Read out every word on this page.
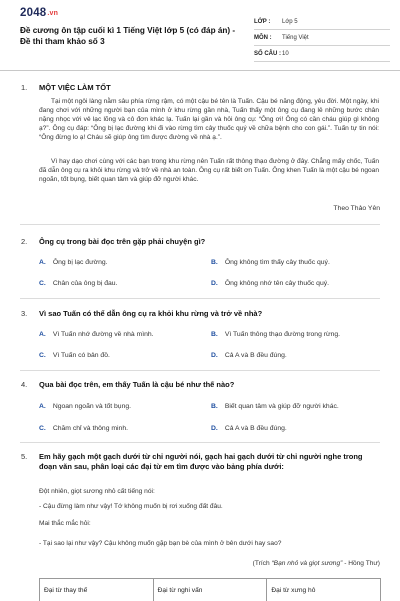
2048.vn
Đề cương ôn tập cuối kì 1 Tiếng Việt lớp 5 (có đáp án) - Đề thi tham khảo số 3
LỚP :	Lớp 5
MÔN :	Tiếng Việt
SỐ CÂU : 10
1. MỘT VIỆC LÀM TỐT
Tại một ngôi làng nằm sâu phía rừng rậm, có một cậu bé tên là Tuấn. Cậu bé năng động, yêu đời. Một ngày, khi đang chơi với những người bạn của mình ở khu rừng gần nhà, Tuấn thấy một ông cụ đang lê những bước chân nặng nhọc với vẻ lạc lõng và cô đơn khác lạ. Tuấn lại gần và hỏi ông cụ: “Ông ơi! Ông có cần cháu giúp gì không ạ?”. Ông cụ đáp: “Ông bị lạc đường khi đi vào rừng tìm cây thuốc quý về chữa bệnh cho con gái.”. Tuấn tự tin nói: “Ông đừng lo ạ! Cháu sẽ giúp ông tìm được đường về nhà ạ.”.
Vì hay dạo chơi cùng với các bạn trong khu rừng nên Tuấn rất thông thạo đường ở đây. Chẳng mấy chốc, Tuấn đã dẫn ông cụ ra khỏi khu rừng và trở về nhà an toàn. Ông cụ rất biết ơn Tuấn. Ông khen Tuấn là một cậu bé ngoan ngoãn, tốt bụng, biết quan tâm và giúp đỡ người khác.
Theo Thảo Yên
2. Ông cụ trong bài đọc trên gặp phải chuyện gì?
A. Ông bị lạc đường.	B. Ông không tìm thấy cây thuốc quý.
C. Chân của ông bị đau.	D. Ông không nhớ tên cây thuốc quý.
3. Vì sao Tuấn có thể dẫn ông cụ ra khỏi khu rừng và trở về nhà?
A. Vì Tuấn nhớ đường về nhà mình.	B. Vì Tuấn thông thạo đường trong rừng.
C. Vì Tuấn có bản đồ.	D. Cả A và B đều đúng.
4. Qua bài đọc trên, em thấy Tuấn là cậu bé như thế nào?
A. Ngoan ngoãn và tốt bụng.	B. Biết quan tâm và giúp đỡ người khác.
C. Chăm chỉ và thông minh.	D. Cả A và B đều đúng.
5. Em hãy gạch một gạch dưới từ chỉ người nói, gạch hai gạch dưới từ chỉ người nghe trong đoạn văn sau, phân loại các đại từ em tìm được vào bảng phía dưới:
Đột nhiên, giọt sương nhỏ cất tiếng nói:
- Cậu đừng làm như vậy! Tớ không muốn bị rơi xuống đất đâu.
Mai thắc mắc hỏi:
- Tại sao lại như vậy? Cậu không muốn gặp bạn bè của mình ở bên dưới hay sao?
(Trích “Bạn nhỏ và giọt sương” - Hồng Thư)
Đại từ thay thế	Đại từ nghi vấn	Đại từ xưng hô
